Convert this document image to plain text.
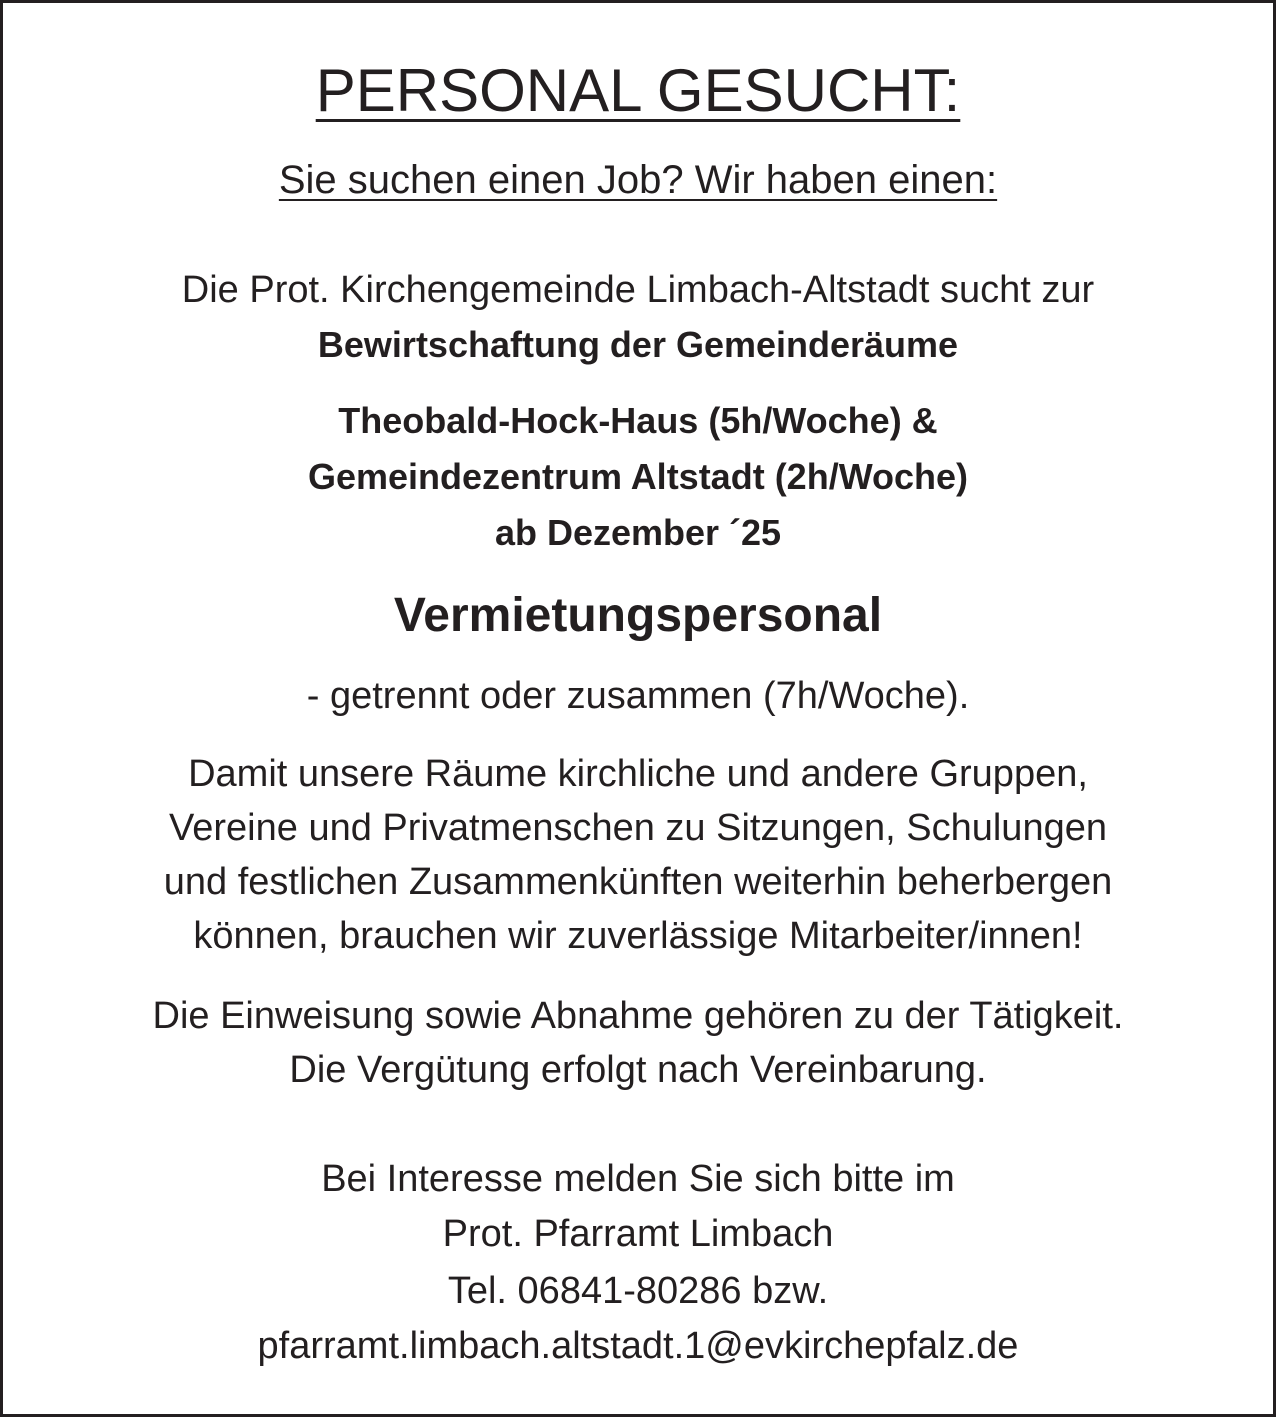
PERSONAL GESUCHT:
Sie suchen einen Job? Wir haben einen:
Die Prot. Kirchengemeinde Limbach-Altstadt sucht zur
Bewirtschaftung der Gemeinderäume
Theobald-Hock-Haus (5h/Woche) &
Gemeindezentrum Altstadt (2h/Woche)
ab Dezember ´25
Vermietungspersonal
- getrennt oder zusammen (7h/Woche).
Damit unsere Räume kirchliche und andere Gruppen,
Vereine und Privatmenschen zu Sitzungen, Schulungen
und festlichen Zusammenkünften weiterhin beherbergen
können, brauchen wir zuverlässige Mitarbeiter/innen!
Die Einweisung sowie Abnahme gehören zu der Tätigkeit.
Die Vergütung erfolgt nach Vereinbarung.
Bei Interesse melden Sie sich bitte im
Prot. Pfarramt Limbach
Tel. 06841-80286 bzw.
pfarramt.limbach.altstadt.1@evkirchepfalz.de
